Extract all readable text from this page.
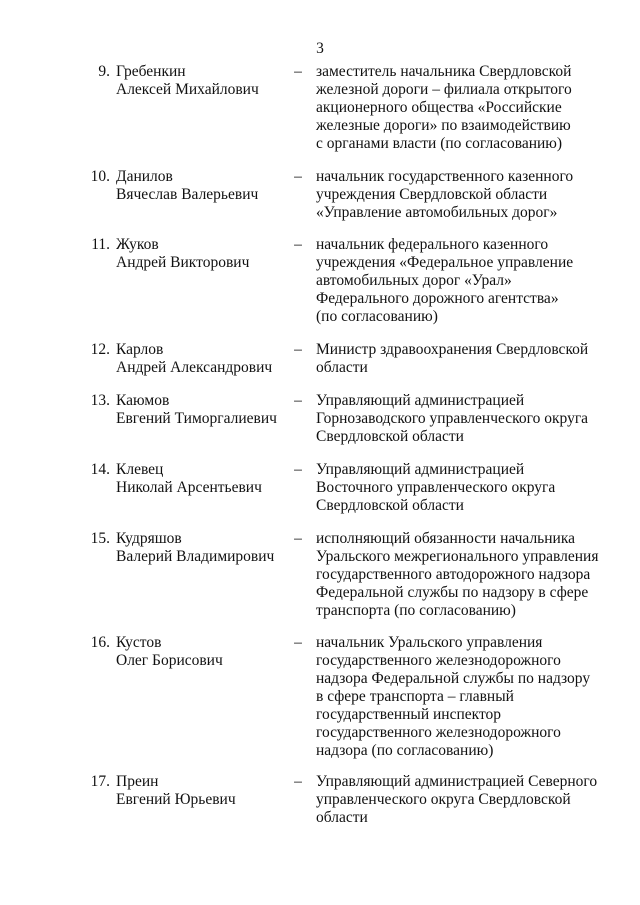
3
9. Гребенкин
Алексей Михайлович
– заместитель начальника Свердловской
железной дороги – филиала открытого
акционерного общества «Российские
железные дороги» по взаимодействию
с органами власти (по согласованию)
10. Данилов
Вячеслав Валерьевич
– начальник государственного казенного
учреждения Свердловской области
«Управление автомобильных дорог»
11. Жуков
Андрей Викторович
– начальник федерального казенного
учреждения «Федеральное управление
автомобильных дорог «Урал»
Федерального дорожного агентства»
(по согласованию)
12. Карлов
Андрей Александрович
– Министр здравоохранения Свердловской
области
13. Каюмов
Евгений Тиморгалиевич
– Управляющий администрацией
Горнозаводского управленческого округа
Свердловской области
14. Клевец
Николай Арсентьевич
– Управляющий администрацией
Восточного управленческого округа
Свердловской области
15. Кудряшов
Валерий Владимирович
– исполняющий обязанности начальника
Уральского межрегионального управления
государственного автодорожного надзора
Федеральной службы по надзору в сфере
транспорта (по согласованию)
16. Кустов
Олег Борисович
– начальник Уральского управления
государственного железнодорожного
надзора Федеральной службы по надзору
в сфере транспорта – главный
государственный инспектор
государственного железнодорожного
надзора (по согласованию)
17. Преин
Евгений Юрьевич
– Управляющий администрацией Северного
управленческого округа Свердловской
области
